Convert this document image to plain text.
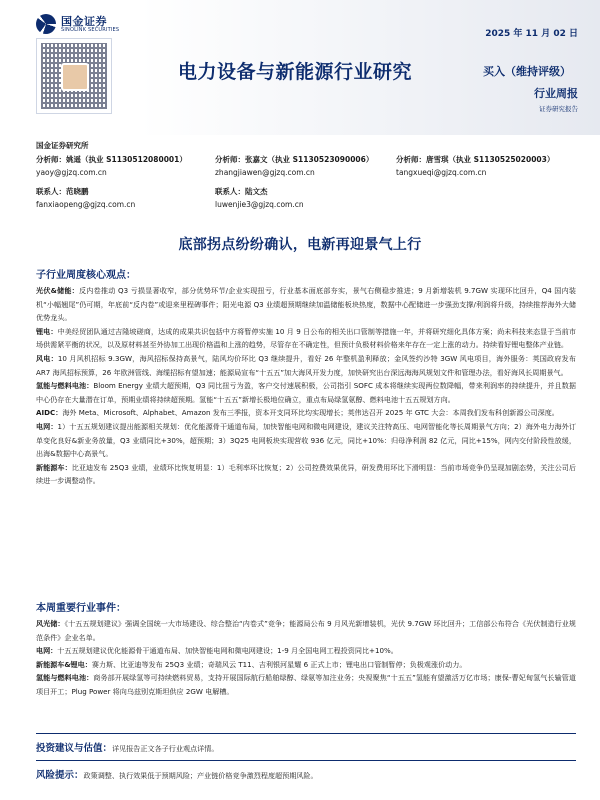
国金证券
SINOLINK SECURITIES	2025 年 11 月 02 日
电力设备与新能源行业研究	买入（维持评级）
行业周报
证券研究报告
国金证券研究所
分析师：姚遥（执业 S1130512080001）
yaoy@gjzq.com.cn
分析师：张嘉文（执业 S1130523090006）
zhangjiawen@gjzq.com.cn
分析师：唐雪琪（执业 S1130525020003）
tangxueqi@gjzq.com.cn
联系人：范晓鹏
fanxiaopeng@gjzq.com.cn
联系人：陆文杰
luwenjie3@gjzq.com.cn
底部拐点纷纷确认，电新再迎景气上行
子行业周度核心观点：
光伏&储能：反内卷推动 Q3 亏损显著收窄，部分优势环节/企业实现扭亏，行业基本面底部夯实，景气右侧稳步推进；9 月新增装机 9.7GW 实现环比回升，Q4 国内装机“小幅翘尾”仍可期，年底前“反内卷”或迎来里程碑事件；阳光电源 Q3 业绩超预期继续加温储能板块热度，数据中心配储进一步强劲支撑/利润将升级，持续推荐海外大储优势龙头。
锂电：中美经贸团队通过吉隆坡磋商，达成的成果共识包括中方将暂停实施 10 月 9 日公布的相关出口管制等措施一年，并将研究细化具体方案；尚未科技来态显于当前市场供需紧平衡的状况，以及原材料甚至外协加工出现价格温和上涨的趋势，尽管存在不确定性，但预计负极材料价格来年存在一定上涨的动力。持续看好锂电整体产业链。
风电：10 月风机招标 9.3GW，海风招标保持高景气，陆风均价环比 Q3 继续提升，看好 26 年整机盈利释放；金风签约沙特 3GW 风电项目，海外服务：英国政府发布 AR7 海风招标预算，26 年欧洲管线、海缆招标有望加速；能源局宣布“十五五”加大海风开发力度，加快研究出台深远海海风规划文件和管理办法，看好海风长周期景气。
氢能与燃料电池：Bloom Energy 业绩大超预期，Q3 同比扭亏为盈，客户交付速展积极，公司指引 SOFC 成本将继续实现两位数降幅，带来利润率的持续提升，并且数据中心仍存在大量潜在订单，预期业绩将持续超预期。氢能“十五五”新增长极地位确立，重点布局绿氢氨醇、燃料电池十五五规划方向。
AIDC：海外 Meta、Microsoft、Alphabet、Amazon 发布三季报，资本开支同环比均实现增长；英伟达召开 2025 年 GTC 大会：本周我们发布科创新源公司深度。
电网：1）十五五规划建议提出能源相关规划：优化能源骨干通道布局，加快智能电网和微电网建设，建议关注特高压、电网智能化等长周期景气方向；2）海外电力海外订单变化良好&新业务放量，Q3 业绩同比+30%，超预期；3）3Q25 电网板块实现营收 936 亿元，同比+10%：归母净利润 82 亿元，同比+15%，网内交付阶段性放缓，出海&数据中心高景气。
新能源车：比亚迪发布 25Q3 业绩，业绩环比恢复明显：1）毛利率环比恢复；2）公司控费效果优异，研发费用环比下滑明显：当前市场竞争仍呈现加剧态势，关注公司后续进一步调整动作。
本周重要行业事件：
风光储：《十五五规划建议》强调全国统一大市场建设、综合整治“内卷式”竞争；能源局公布 9 月风光新增装机，光伏 9.7GW 环比回升；工信部公布符合《光伏制造行业规范条件》企业名单。
电网：十五五规划建议优化能源骨干通道布局、加快智能电网和微电网建设；1-9 月全国电网工程投资同比+10%。
新能源车&锂电：赛力斯、比亚迪等发布 25Q3 业绩；奇瑞风云 T11、吉利银河星耀 6 正式上市；锂电出口管制暂停；负极观涨价动力。
氢能与燃料电池：商务部开展绿氢等可持续燃料贸易，支持开展国际航行船舶绿醇、绿氨等加注业务；央视聚焦“十五五”氢能有望激活万亿市场；康保-曹妃甸氢气长输管道项目开工；Plug Power 将向乌兹别克斯坦供应 2GW 电解槽。
投资建议与估值：详见报告正文各子行业观点详情。
风险提示：政策调整、执行效果低于预期风险；产业链价格竞争激烈程度超预期风险。
